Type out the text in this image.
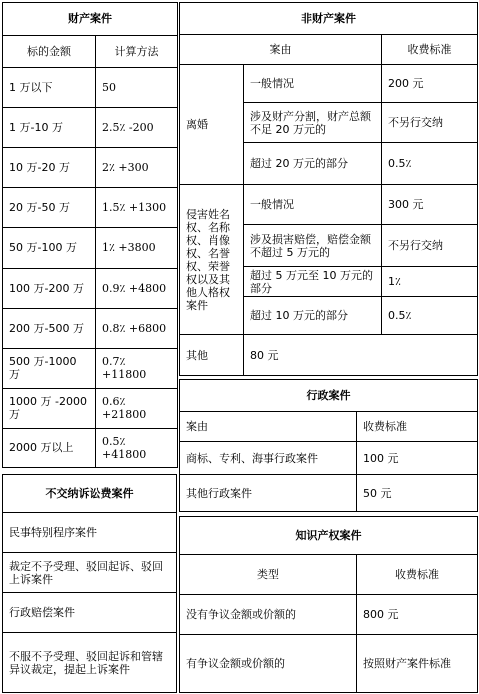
财产案件	
标的金额	计算方法
1 万以下	50
1 万-10 万	2.5٪ -200
10 万-20 万	2٪ +300
20 万-50 万	1.5٪ +1300
50 万-100 万	1٪ +3800
100 万-200 万	0.9٪ +4800
200 万-500 万	0.8٪ +6800
500 万-1000 万	0.7٪ +11800
1000 万 -2000 万	0.6٪ +21800
2000 万以上	0.5٪ +41800
不交纳诉讼费案件
民事特别程序案件
裁定不予受理、驳回起诉、驳回上诉案件
行政赔偿案件
不服不予受理、驳回起诉和管辖异议裁定，提起上诉案件
非财产案件		
案由		收费标准
离婚	一般情况	200 元
	涉及财产分割，财产总额不足 20 万元的	不另行交纳
	超过 20 万元的部分	0.5٪
侵害姓名权、名称权、肖像权、名誉权、荣誉权以及其他人格权案件	一般情况	300 元
	涉及损害赔偿，赔偿金额不超过 5 万元的	不另行交纳
	超过 5 万元至 10 万元的部分	1٪
	超过 10 万元的部分	0.5٪
其他	80 元	
行政案件	
案由	收费标准
商标、专利、海事行政案件	100 元
其他行政案件	50 元
知识产权案件	
类型	收费标准
没有争议金额或价额的	800 元
有争议金额或价额的	按照财产案件标准
